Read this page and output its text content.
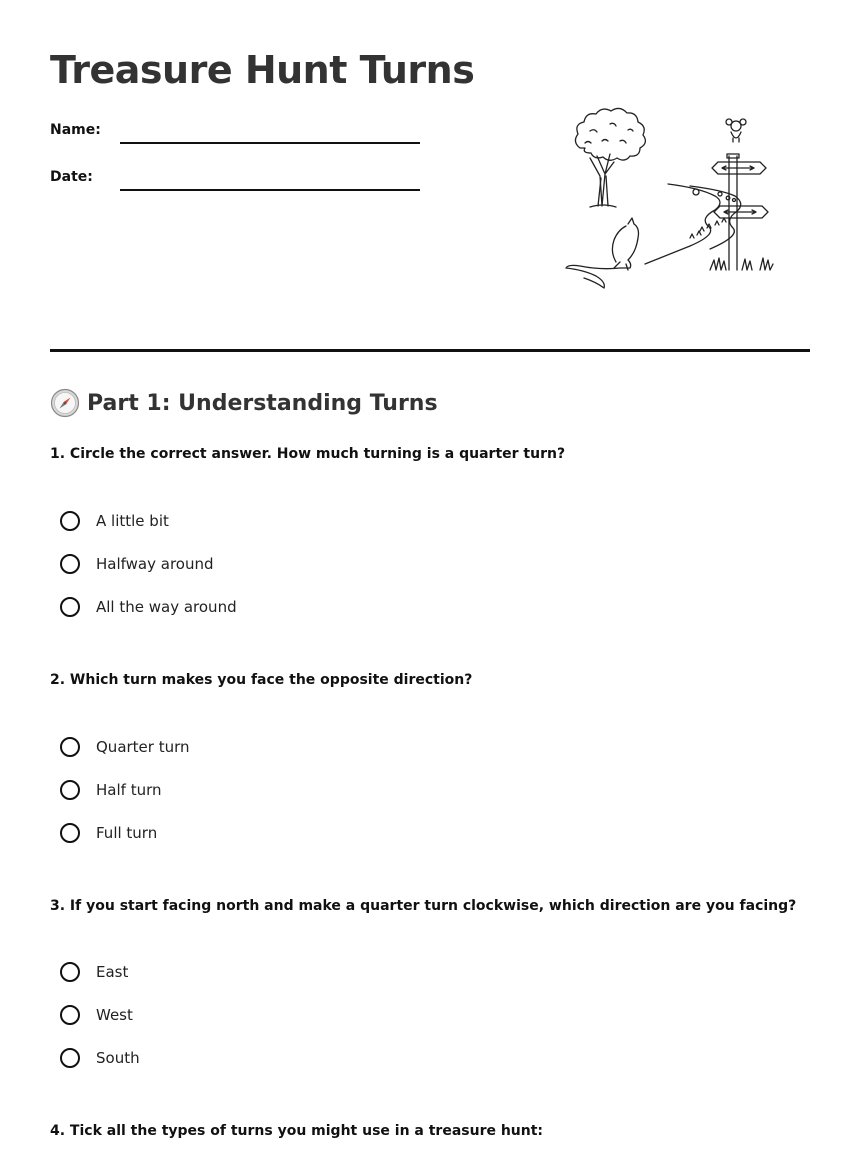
Treasure Hunt Turns
Name:
Date:
Part 1: Understanding Turns
1. Circle the correct answer. How much turning is a quarter turn?
A little bit
Halfway around
All the way around
2. Which turn makes you face the opposite direction?
Quarter turn
Half turn
Full turn
3. If you start facing north and make a quarter turn clockwise, which direction are you facing?
East
West
South
4. Tick all the types of turns you might use in a treasure hunt:
